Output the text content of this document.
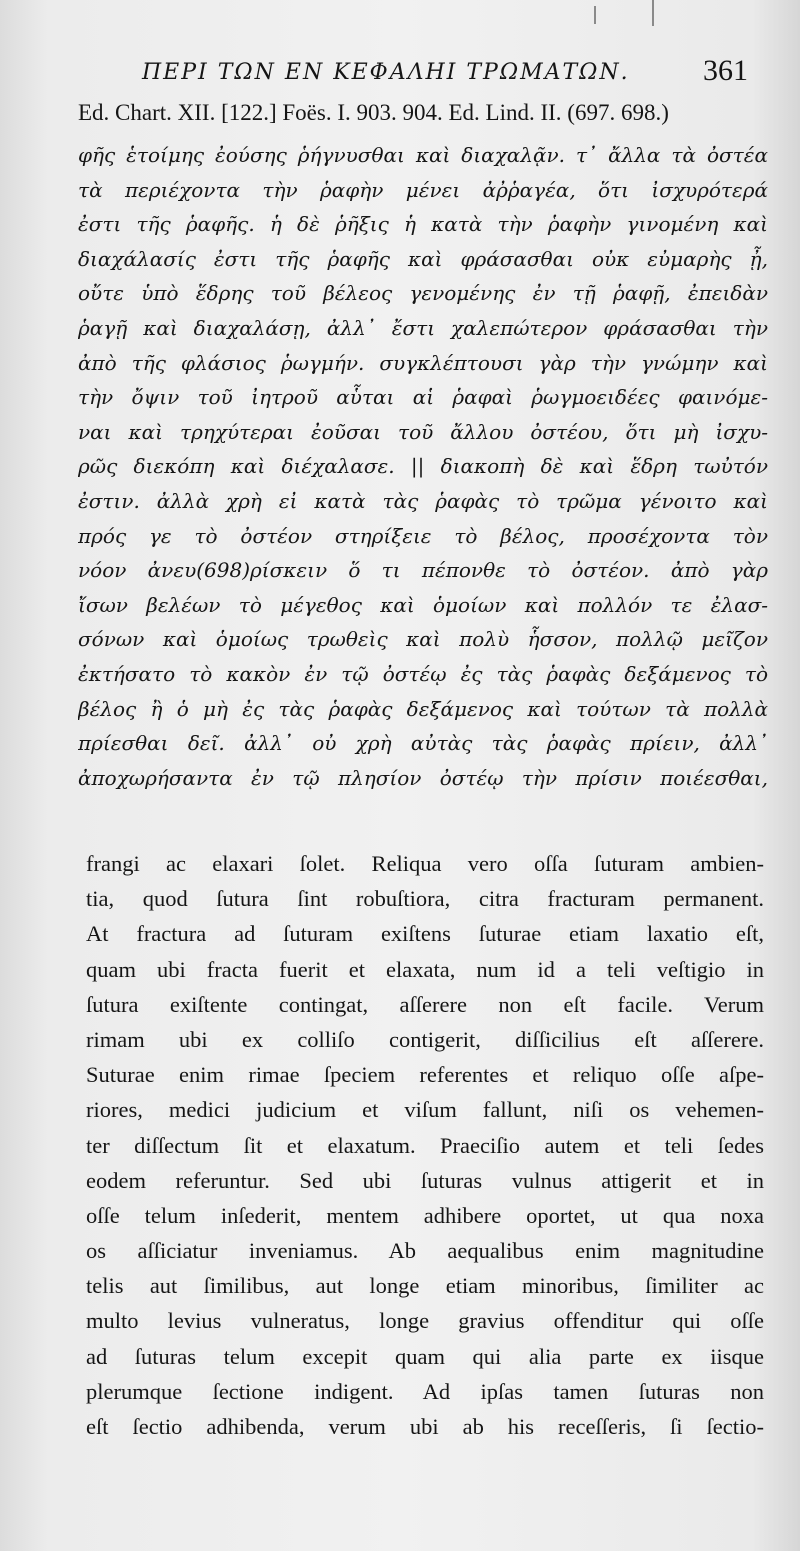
ΠΕΡΙ ΤΩΝ ΕΝ ΚΕΦΑΛΗΙ ΤΡΩΜΑΤΩΝ. 361
Ed. Chart. XII. [122.] Foës. I. 903. 904. Ed. Lind. II. (697. 698.)
φῆς ἑτοίμης ἐούσης ῥήγνυσθαι καὶ διαχαλᾷν. τ᾿ ἄλλα τὰ ὀστέα
τὰ περιέχοντα τὴν ῥαφὴν μένει ἀῤῥαγέα, ὅτι ἰσχυρότερά
ἐστι τῆς ῥαφῆς. ἡ δὲ ῥῆξις ἡ κατὰ τὴν ῥαφὴν γινομένη καὶ
διαχάλασίς ἐστι τῆς ῥαφῆς καὶ φράσασθαι οὐκ εὐμαρὴς ᾖ,
οὔτε ὑπὸ ἕδρης τοῦ βέλεος γενομένης ἐν τῇ ῥαφῇ, ἐπειδὰν
ῥαγῇ καὶ διαχαλάσῃ, ἀλλ᾿ ἔστι χαλεπώτερον φράσασθαι τὴν
ἀπὸ τῆς φλάσιος ῥωγμήν. συγκλέπτουσι γὰρ τὴν γνώμην καὶ
τὴν ὄψιν τοῦ ἰητροῦ αὗται αἱ ῥαφαὶ ῥωγμοειδέες φαινόμε-
ναι καὶ τρηχύτεραι ἐοῦσαι τοῦ ἄλλου ὀστέου, ὅτι μὴ ἰσχυ-
ρῶς διεκόπη καὶ διέχαλασε. || διακοπὴ δὲ καὶ ἕδρη τωὐτόν
ἐστιν. ἀλλὰ χρὴ εἰ κατὰ τὰς ῥαφὰς τὸ τρῶμα γένοιτο καὶ
πρός γε τὸ ὀστέον στηρίξειε τὸ βέλος, προσέχοντα τὸν
νόον ἀνευ(698)ρίσκειν ὅ τι πέπονθε τὸ ὀστέον. ἀπὸ γὰρ
ἴσων βελέων τὸ μέγεθος καὶ ὁμοίων καὶ πολλόν τε ἐλασ-
σόνων καὶ ὁμοίως τρωθεὶς καὶ πολὺ ἧσσον, πολλῷ μεῖζον
ἐκτήσατο τὸ κακὸν ἐν τῷ ὀστέῳ ἐς τὰς ῥαφὰς δεξάμενος τὸ
βέλος ἢ ὁ μὴ ἐς τὰς ῥαφὰς δεξάμενος καὶ τούτων τὰ πολλὰ
πρίεσθαι δεῖ. ἀλλ᾿ οὐ χρὴ αὐτὰς τὰς ῥαφὰς πρίειν, ἀλλ᾿
ἀποχωρήσαντα ἐν τῷ πλησίον ὀστέῳ τὴν πρίσιν ποιέεσθαι,
frangi ac elaxari ſolet. Reliqua vero oſſa ſuturam ambien-
tia, quod ſutura ſint robuſtiora, citra fracturam permanent.
At fractura ad ſuturam exiſtens ſuturae etiam laxatio eſt,
quam ubi fracta fuerit et elaxata, num id a teli veſtigio in
ſutura exiſtente contingat, aſſerere non eſt facile. Verum
rimam ubi ex colliſo contigerit, diſſicilius eſt aſſerere.
Suturae enim rimae ſpeciem referentes et reliquo oſſe aſpe-
riores, medici judicium et viſum fallunt, niſi os vehemen-
ter diſſectum ſit et elaxatum. Praeciſio autem et teli ſedes
eodem referuntur. Sed ubi ſuturas vulnus attigerit et in
oſſe telum inſederit, mentem adhibere oportet, ut qua noxa
os aſſiciatur inveniamus. Ab aequalibus enim magnitudine
telis aut ſimilibus, aut longe etiam minoribus, ſimiliter ac
multo levius vulneratus, longe gravius offenditur qui oſſe
ad ſuturas telum excepit quam qui alia parte ex iisque
plerumque ſectione indigent. Ad ipſas tamen ſuturas non
eſt ſectio adhibenda, verum ubi ab his receſſeris, ſi ſectio-
